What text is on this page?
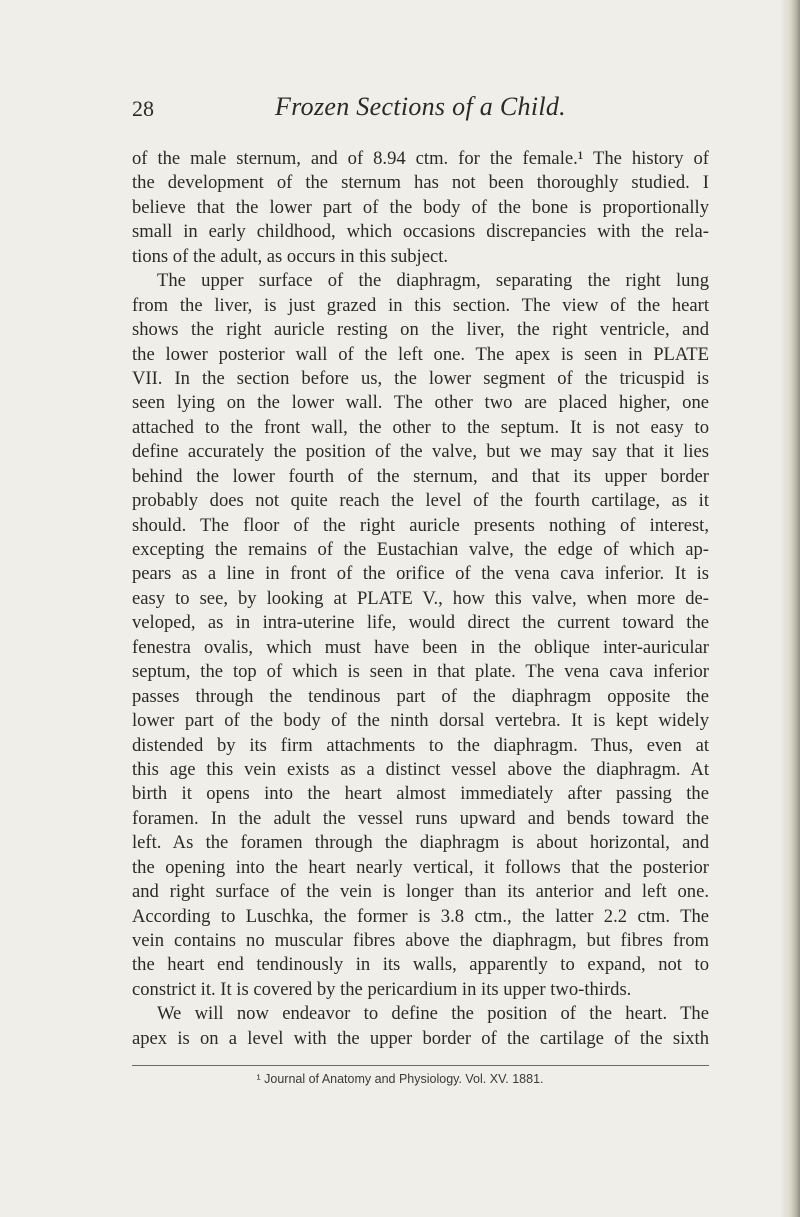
28	Frozen Sections of a Child.
of the male sternum, and of 8.94 ctm. for the female.¹ The history of
the development of the sternum has not been thoroughly studied. I
believe that the lower part of the body of the bone is proportionally
small in early childhood, which occasions discrepancies with the rela-
tions of the adult, as occurs in this subject.
The upper surface of the diaphragm, separating the right lung
from the liver, is just grazed in this section. The view of the heart
shows the right auricle resting on the liver, the right ventricle, and
the lower posterior wall of the left one. The apex is seen in PLATE
VII. In the section before us, the lower segment of the tricuspid is
seen lying on the lower wall. The other two are placed higher, one
attached to the front wall, the other to the septum. It is not easy to
define accurately the position of the valve, but we may say that it lies
behind the lower fourth of the sternum, and that its upper border
probably does not quite reach the level of the fourth cartilage, as it
should. The floor of the right auricle presents nothing of interest,
excepting the remains of the Eustachian valve, the edge of which ap-
pears as a line in front of the orifice of the vena cava inferior. It is
easy to see, by looking at PLATE V., how this valve, when more de-
veloped, as in intra-uterine life, would direct the current toward the
fenestra ovalis, which must have been in the oblique inter-auricular
septum, the top of which is seen in that plate. The vena cava inferior
passes through the tendinous part of the diaphragm opposite the
lower part of the body of the ninth dorsal vertebra. It is kept widely
distended by its firm attachments to the diaphragm. Thus, even at
this age this vein exists as a distinct vessel above the diaphragm. At
birth it opens into the heart almost immediately after passing the
foramen. In the adult the vessel runs upward and bends toward the
left. As the foramen through the diaphragm is about horizontal, and
the opening into the heart nearly vertical, it follows that the posterior
and right surface of the vein is longer than its anterior and left one.
According to Luschka, the former is 3.8 ctm., the latter 2.2 ctm. The
vein contains no muscular fibres above the diaphragm, but fibres from
the heart end tendinously in its walls, apparently to expand, not to
constrict it. It is covered by the pericardium in its upper two-thirds.
We will now endeavor to define the position of the heart. The
apex is on a level with the upper border of the cartilage of the sixth
¹ Journal of Anatomy and Physiology. Vol. XV. 1881.
